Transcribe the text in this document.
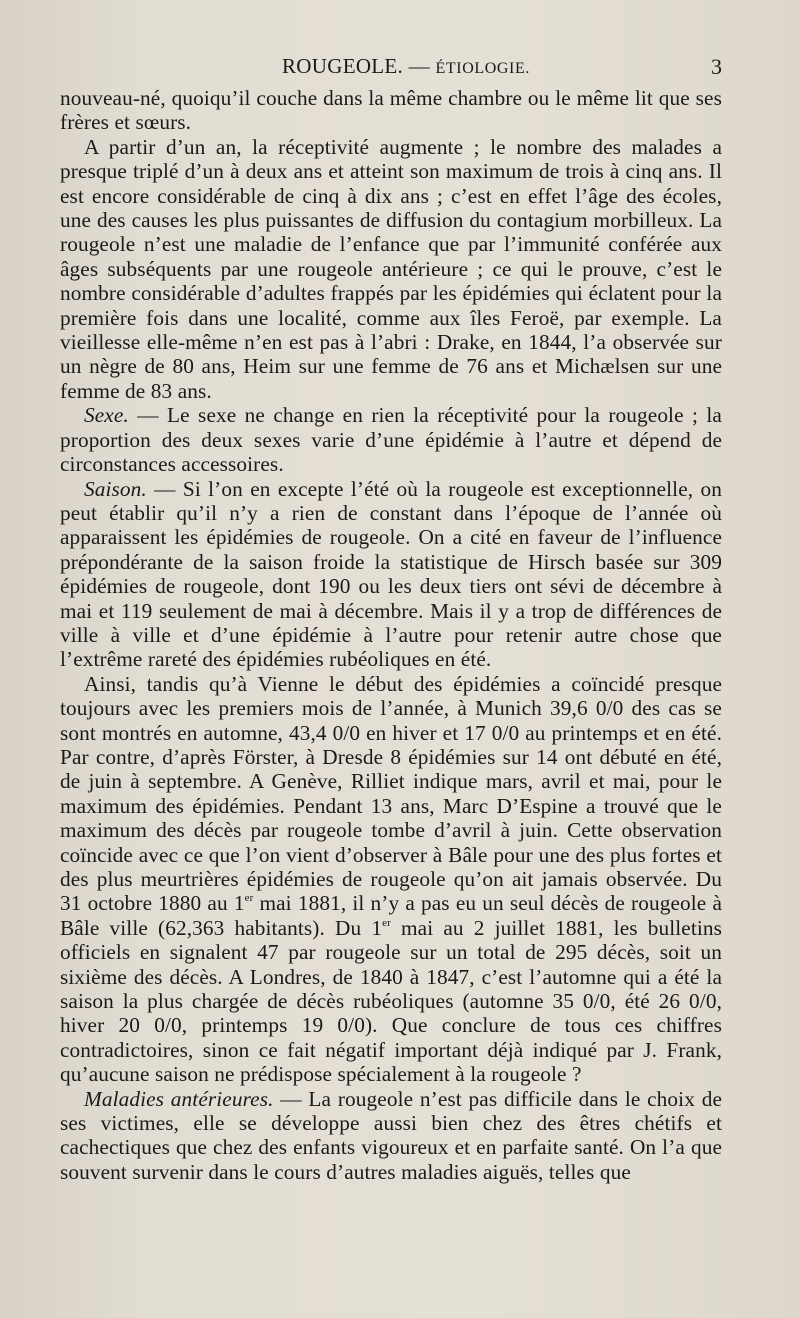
ROUGEOLE. — ÉTIOLOGIE.	3

nouveau-né, quoiqu’il couche dans la même chambre ou le même lit que ses frères et sœurs.

A partir d’un an, la réceptivité augmente ; le nombre des malades a presque triplé d’un à deux ans et atteint son maximum de trois à cinq ans. Il est encore considérable de cinq à dix ans ; c’est en effet l’âge des écoles, une des causes les plus puissantes de diffusion du contagium morbilleux. La rougeole n’est une maladie de l’enfance que par l’immunité conférée aux âges subséquents par une rougeole antérieure ; ce qui le prouve, c’est le nombre considérable d’adultes frappés par les épidémies qui éclatent pour la première fois dans une localité, comme aux îles Feroë, par exemple. La vieillesse elle-même n’en est pas à l’abri : Drake, en 1844, l’a observée sur un nègre de 80 ans, Heim sur une femme de 76 ans et Michælsen sur une femme de 83 ans.

Sexe. — Le sexe ne change en rien la réceptivité pour la rougeole ; la proportion des deux sexes varie d’une épidémie à l’autre et dépend de circonstances accessoires.

Saison. — Si l’on en excepte l’été où la rougeole est exceptionnelle, on peut établir qu’il n’y a rien de constant dans l’époque de l’année où apparaissent les épidémies de rougeole. On a cité en faveur de l’influence prépondérante de la saison froide la statistique de Hirsch basée sur 309 épidémies de rougeole, dont 190 ou les deux tiers ont sévi de décembre à mai et 119 seulement de mai à décembre. Mais il y a trop de différences de ville à ville et d’une épidémie à l’autre pour retenir autre chose que l’extrême rareté des épidémies rubéoliques en été.

Ainsi, tandis qu’à Vienne le début des épidémies a coïncidé presque toujours avec les premiers mois de l’année, à Munich 39,6 0/0 des cas se sont montrés en automne, 43,4 0/0 en hiver et 17 0/0 au printemps et en été. Par contre, d’après Förster, à Dresde 8 épidémies sur 14 ont débuté en été, de juin à septembre. A Genève, Rilliet indique mars, avril et mai, pour le maximum des épidémies. Pendant 13 ans, Marc D’Espine a trouvé que le maximum des décès par rougeole tombe d’avril à juin. Cette observation coïncide avec ce que l’on vient d’observer à Bâle pour une des plus fortes et des plus meurtrières épidémies de rougeole qu’on ait jamais observée. Du 31 octobre 1880 au 1er mai 1881, il n’y a pas eu un seul décès de rougeole à Bâle ville (62,363 habitants). Du 1er mai au 2 juillet 1881, les bulletins officiels en signalent 47 par rougeole sur un total de 295 décès, soit un sixième des décès. A Londres, de 1840 à 1847, c’est l’automne qui a été la saison la plus chargée de décès rubéoliques (automne 35 0/0, été 26 0/0, hiver 20 0/0, printemps 19 0/0). Que conclure de tous ces chiffres contradictoires, sinon ce fait négatif important déjà indiqué par J. Frank, qu’aucune saison ne prédispose spécialement à la rougeole ?

Maladies antérieures. — La rougeole n’est pas difficile dans le choix de ses victimes, elle se développe aussi bien chez des êtres chétifs et cachectiques que chez des enfants vigoureux et en parfaite santé. On l’a que souvent survenir dans le cours d’autres maladies aiguës, telles que
